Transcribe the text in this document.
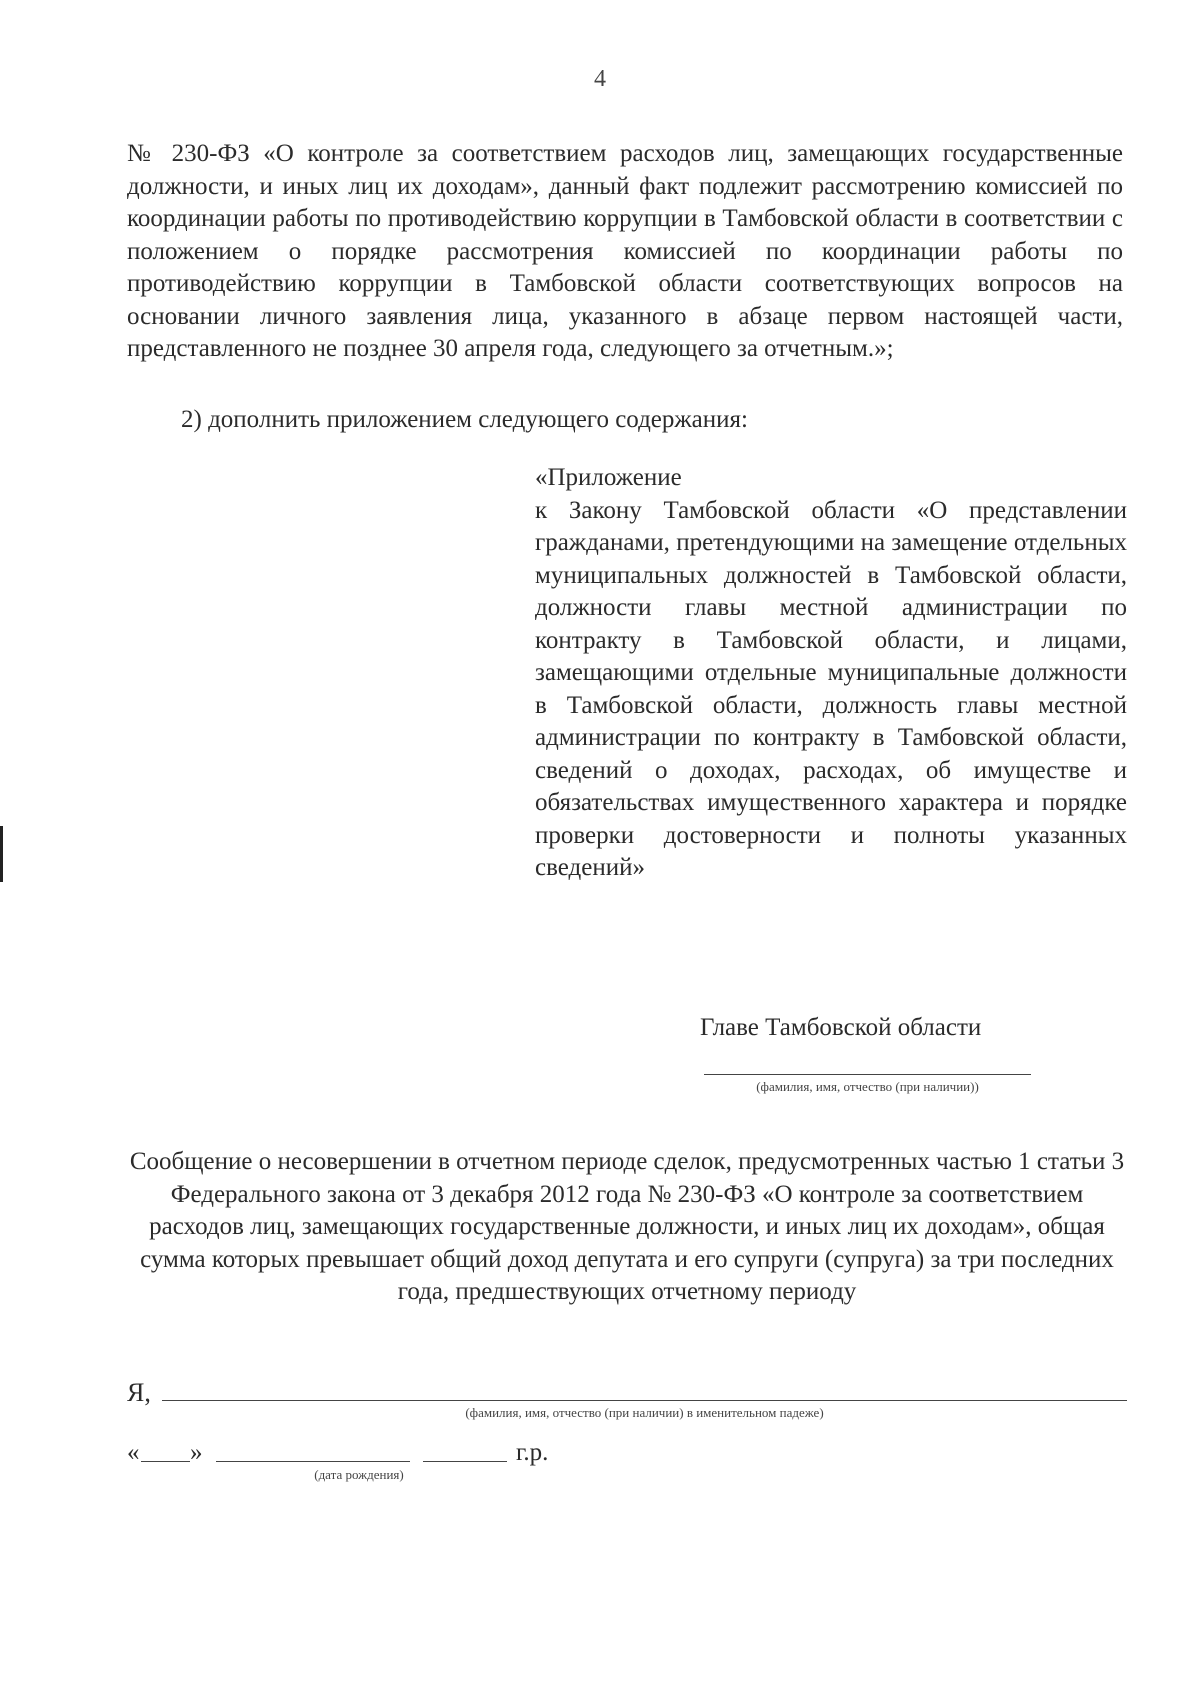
4

№ 230-ФЗ «О контроле за соответствием расходов лиц, замещающих государственные должности, и иных лиц их доходам», данный факт подлежит рассмотрению комиссией по координации работы по противодействию коррупции в Тамбовской области в соответствии с положением о порядке рассмотрения комиссией по координации работы по противодействию коррупции в Тамбовской области соответствующих вопросов на основании личного заявления лица, указанного в абзаце первом настоящей части, представленного не позднее 30 апреля года, следующего за отчетным.»;

2) дополнить приложением следующего содержания:

«Приложение

к Закону Тамбовской области «О представлении гражданами, претендующими на замещение отдельных муниципальных должностей в Тамбовской области, должности главы местной администрации по контракту в Тамбовской области, и лицами, замещающими отдельные муниципальные должности в Тамбовской области, должность главы местной администрации по контракту в Тамбовской области, сведений о доходах, расходах, об имуществе и обязательствах имущественного характера и порядке проверки достоверности и полноты указанных сведений»

Главе Тамбовской области

(фамилия, имя, отчество (при наличии))

Сообщение о несовершении в отчетном периоде сделок, предусмотренных частью 1 статьи 3 Федерального закона от 3 декабря 2012 года № 230-ФЗ «О контроле за соответствием расходов лиц, замещающих государственные должности, и иных лиц их доходам», общая сумма которых превышает общий доход депутата и его супруги (супруга) за три последних года, предшествующих отчетному периоду

Я,
(фамилия, имя, отчество (при наличии) в именительном падеже)
« »	г.р.
(дата рождения)
